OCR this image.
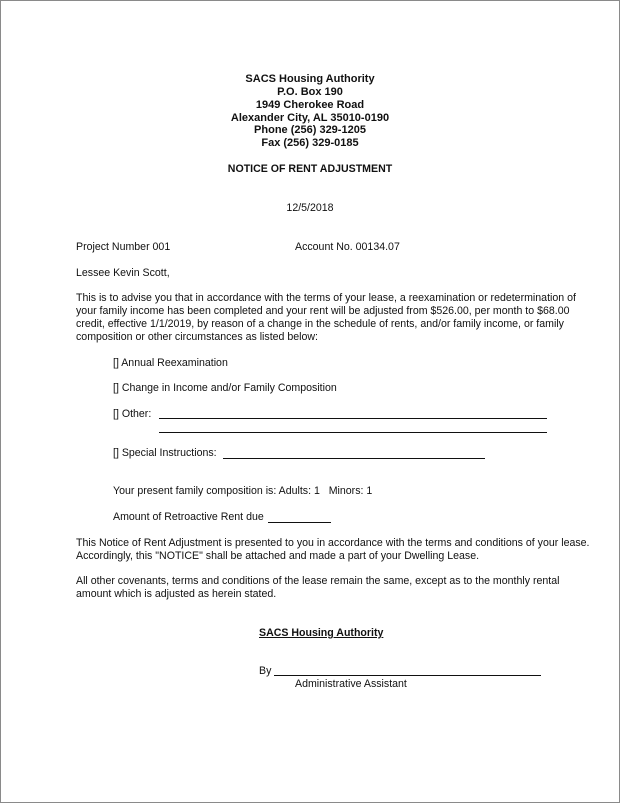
SACS Housing Authority
P.O. Box 190
1949 Cherokee Road
Alexander City, AL 35010-0190
Phone (256) 329-1205
Fax (256) 329-0185
NOTICE OF RENT ADJUSTMENT
12/5/2018
Project Number 001	Account No. 00134.07
Lessee Kevin Scott,
This is to advise you that in accordance with the terms of your lease, a reexamination or redetermination of your family income has been completed and your rent will be adjusted from $526.00, per month to $68.00 credit, effective 1/1/2019, by reason of a change in the schedule of rents, and/or family income, or family composition or other circumstances as listed below:
[] Annual Reexamination
[] Change in Income and/or Family Composition
[] Other:
[] Special Instructions:
Your present family composition is: Adults: 1   Minors: 1
Amount of Retroactive Rent due
This Notice of Rent Adjustment is presented to you in accordance with the terms and conditions of your lease. Accordingly, this "NOTICE" shall be attached and made a part of your Dwelling Lease.
All other covenants, terms and conditions of the lease remain the same, except as to the monthly rental amount which is adjusted as herein stated.
SACS Housing Authority
By
Administrative Assistant
